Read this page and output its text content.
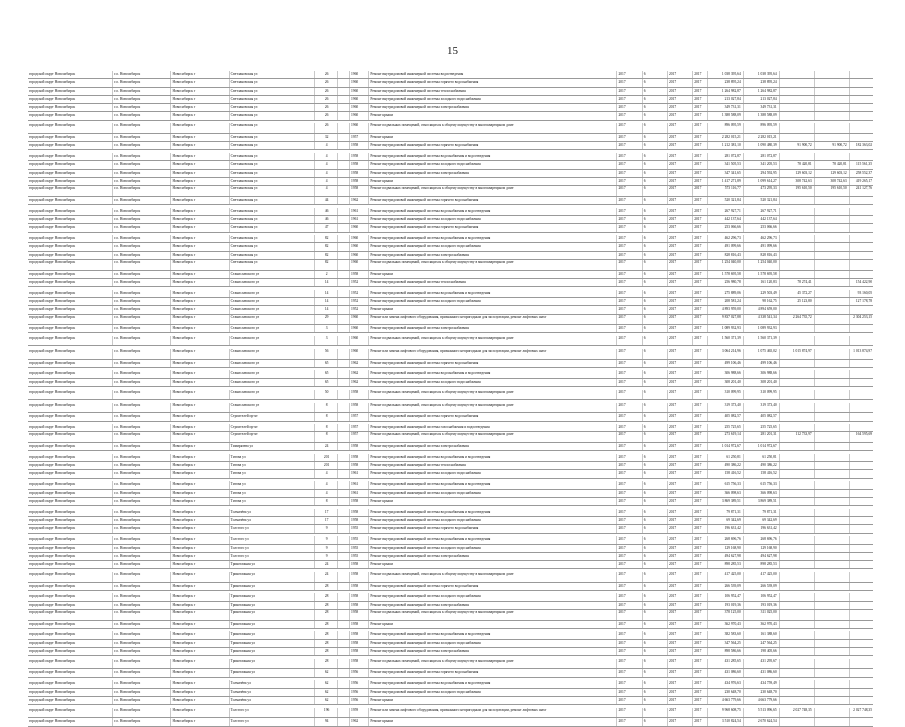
15
городской округ Новосибирск	г.о. Новосибирск	Новосибирск г	Светлановская ул	26	1960	Ремонт внутридомовой инженерной системы водоотведения	2017	6	2017	2017	1 038 395,64	1 038 395,64
городской округ Новосибирск	г.о. Новосибирск	Новосибирск г	Светлановская ул	26	1960	Ремонт внутридомовой инженерной системы горячего водоснабжения	2017	6	2017	2017	238 895,24	238 895,24
городской округ Новосибирск	г.о. Новосибирск	Новосибирск г	Светлановская ул	26	1960	Ремонт внутридомовой инженерной системы теплоснабжения	2017	6	2017	2017	1 264 982,87	1 264 982,87
городской округ Новосибирск	г.о. Новосибирск	Новосибирск г	Светлановская ул	26	1960	Ремонт внутридомовой инженерной системы холодного водоснабжения	2017	6	2017	2017	213 027,84	213 027,84
городской округ Новосибирск	г.о. Новосибирск	Новосибирск г	Светлановская ул	26	1960	Ремонт внутридомовой инженерной системы электроснабжения	2017	6	2017	2017	349 731,31	349 731,31
городской округ Новосибирск	г.о. Новосибирск	Новосибирск г	Светлановская ул	26	1960	Ремонт крыши	2017	6	2017	2017	1 388 588,09	1 388 588,09
городской округ Новосибирск	г.о. Новосибирск	Новосибирск г	Светлановская ул	26	1960	Ремонт подвальных помещений, относящихся к общему имуществу в многоквартирном доме	2017	6	2017	2017	896 095,59	896 095,59
городской округ Новосибирск	г.о. Новосибирск	Новосибирск г	Светлановская ул	32	1957	Ремонт крыши	2017	6	2017	2017	2 282 015,21	2 282 015,21
городской округ Новосибирск	г.о. Новосибирск	Новосибирск г	Светлановская ул	4	1958	Ремонт внутридомовой инженерной системы горячего водоснабжения	2017	6	2017	2017	1 212 381,10	1 090 480,39	91 900,72	91 900,72	182 363,02
городской округ Новосибирск	г.о. Новосибирск	Новосибирск г	Светлановская ул	4	1958	Ремонт внутридомовой инженерной системы водоснабжения и водоотведения	2017	6	2017	2017	281 072,87	281 072,87
городской округ Новосибирск	г.о. Новосибирск	Новосибирск г	Светлановская ул	4	1958	Ремонт внутридомовой инженерной системы холодного водоснабжения	2017	6	2017	2017	341 505,53	341 205,53	78 420,81	78 420,81	115 561,35
городской округ Новосибирск	г.о. Новосибирск	Новосибирск г	Светлановская ул	4	1958	Ремонт внутридомовой инженерной системы электроснабжения	2017	6	2017	2017	347 341,65	294 592,95	129 603,12	129 603,12	258 552,37
городской округ Новосибирск	г.о. Новосибирск	Новосибирск г	Светлановская ул	4	1958	Ремонт крыши	2017	6	2017	2017	1 417 271,89	1 099 614,27	308 742,63	308 742,63	419 265,17
городской округ Новосибирск	г.о. Новосибирск	Новосибирск г	Светлановская ул	4	1958	Ремонт подвальных помещений, относящихся к общему имуществу в многоквартирном доме	2017	6	2017	2017	573 116,77	473 295,33	195 610,50	195 610,50	241 127,76
городской округ Новосибирск	г.о. Новосибирск	Новосибирск г	Светлановская ул	44	1962	Ремонт внутридомовой инженерной системы горячего водоснабжения	2017	6	2017	2017	520 321,84	520 321,84
городской округ Новосибирск	г.о. Новосибирск	Новосибирск г	Светлановская ул	46	1961	Ремонт внутридомовой инженерной системы водоснабжения и водоотведения	2017	6	2017	2017	267 927,71	267 927,71
городской округ Новосибирск	г.о. Новосибирск	Новосибирск г	Светлановская ул	46	1961	Ремонт внутридомовой инженерной системы холодного водоснабжения	2017	6	2017	2017	442 137,64	442 137,64
городской округ Новосибирск	г.о. Новосибирск	Новосибирск г	Светлановская ул	47	1960	Ремонт внутридомовой инженерной системы горячего водоснабжения	2017	6	2017	2017	253 066,66	253 066,66
городской округ Новосибирск	г.о. Новосибирск	Новосибирск г	Светлановская ул	82	1960	Ремонт внутридомовой инженерной системы водоснабжения и водоотведения	2017	6	2017	2017	462 296,73	462 296,73
городской округ Новосибирск	г.о. Новосибирск	Новосибирск г	Светлановская ул	82	1960	Ремонт внутридомовой инженерной системы холодного водоснабжения	2017	6	2017	2017	491 099,66	491 099,66
городской округ Новосибирск	г.о. Новосибирск	Новосибирск г	Светлановская ул	82	1960	Ремонт внутридомовой инженерной системы электроснабжения	2017	6	2017	2017	828 816,43	828 816,43
городской округ Новосибирск	г.о. Новосибирск	Новосибирск г	Светлановская ул	82	1960	Ремонт подвальных помещений, относящихся к общему имуществу в многоквартирном доме	2017	6	2017	2017	1 254 040,00	1 254 040,00
городской округ Новосибирск	г.о. Новосибирск	Новосибирск г	Станиславского ул	2	1958	Ремонт крыши	2017	6	2017	2017	1 578 695,58	1 578 695,58
городской округ Новосибирск	г.о. Новосибирск	Новосибирск г	Станиславского ул	14	1952	Ремонт внутридомовой инженерной системы теплоснабжения	2017	6	2017	2017	256 980,78	161 120,83	78 274,41	154 422,90
городской округ Новосибирск	г.о. Новосибирск	Новосибирск г	Станиславского ул	14	1952	Ремонт внутридомовой инженерной системы водоснабжения и водоотведения	2017	6	2017	2017	275 889,06	229 503,49	45 372,27	93 160,05
городской округ Новосибирск	г.о. Новосибирск	Новосибирск г	Станиславского ул	14	1952	Ремонт внутридомовой инженерной системы холодного водоснабжения	2017	6	2017	2017	208 581,24	98 162,75	25 123,80	127 178,78
городской округ Новосибирск	г.о. Новосибирск	Новосибирск г	Станиславского ул	14	1952	Ремонт крыши	2017	6	2017	2017	4 893 959,00	4 894 659,00
городской округ Новосибирск	г.о. Новосибирск	Новосибирск г	Станиславского ул	29	1960	Ремонт или замена лифтового оборудования, признанного непригодным для эксплуатации, ремонт лифтовых шахт	2017	6	2017	2017	9 837 027,88	4 338 541,34	2 264 735,72	2 304 253,15
городской округ Новосибирск	г.о. Новосибирск	Новосибирск г	Станиславского ул	3	1960	Ремонт внутридомовой инженерной системы электроснабжения	2017	6	2017	2017	1 089 932,93	1 089 932,93
городской округ Новосибирск	г.о. Новосибирск	Новосибирск г	Станиславского ул	3	1960	Ремонт подвальных помещений, относящихся к общему имуществу в многоквартирном доме	2017	6	2017	2017	1 560 371,39	1 560 371,39
городской округ Новосибирск	г.о. Новосибирск	Новосибирск г	Станиславского ул	56	1960	Ремонт или замена лифтового оборудования, признанного непригодным для эксплуатации, ремонт лифтовых шахт	2017	6	2017	2017	3 064 214,96	1 075 465,02	1 015 874,97	1 013 874,97
городской округ Новосибирск	г.о. Новосибирск	Новосибирск г	Станиславского ул	65	1962	Ремонт внутридомовой инженерной системы горячего водоснабжения	2017	6	2017	2017	499 106,46	499 106,46
городской округ Новосибирск	г.о. Новосибирск	Новосибирск г	Станиславского ул	65	1962	Ремонт внутридомовой инженерной системы водоснабжения и водоотведения	2017	6	2017	2017	306 988,66	306 988,66
городской округ Новосибирск	г.о. Новосибирск	Новосибирск г	Станиславского ул	65	1962	Ремонт внутридомовой инженерной системы холодного водоснабжения	2017	6	2017	2017	308 201,40	308 201,40
городской округ Новосибирск	г.о. Новосибирск	Новосибирск г	Станиславского ул	50	1958	Ремонт подвальных помещений, относящихся к общему имуществу в многоквартирном доме	2017	6	2017	2017	310 099,95	310 099,95
городской округ Новосибирск	г.о. Новосибирск	Новосибирск г	Станиславского ул	8	1958	Ремонт подвальных помещений, относящихся к общему имуществу в многоквартирном доме	2017	6	2017	2017	319 373,40	319 373,40
городской округ Новосибирск	г.о. Новосибирск	Новосибирск г	Строителей пр-кт	8	1957	Ремонт внутридомовой инженерной системы горячего водоснабжения	2017	6	2017	2017	405 082,57	405 082,57
городской округ Новосибирск	г.о. Новосибирск	Новосибирск г	Строителей пр-кт	8	1957	Ремонт внутридомовой инженерной системы газоснабжения и водоотведения	2017	6	2017	2017	255 725,65	255 725,65
городской округ Новосибирск	г.о. Новосибирск	Новосибирск г	Строителей пр-кт	8	1957	Ремонт подвальных помещений, относящихся к общему имуществу в многоквартирном доме	2017	6	2017	2017	273 619,14	281 201,31	112 733,97	164 595,69
городской округ Новосибирск	г.о. Новосибирск	Новосибирск г	Тимирязева ул	24	1958	Ремонт внутридомовой инженерной системы электроснабжения	2017	6	2017	2017	1 014 972,67	1 014 972,67
городской округ Новосибирск	г.о. Новосибирск	Новосибирск г	Титова ул	201	1958	Ремонт внутридомовой инженерной системы водоснабжения и водоотведения	2017	6	2017	2017	61 250,81	61 250,81
городской округ Новосибирск	г.о. Новосибирск	Новосибирск г	Титова ул	201	1958	Ремонт внутридомовой инженерной системы теплоснабжения	2017	6	2017	2017	490 386,22	490 386,22
городской округ Новосибирск	г.о. Новосибирск	Новосибирск г	Титова ул	4	1961	Ремонт внутридомовой инженерной системы холодного водоснабжения	2017	6	2017	2017	158 416,52	158 416,52
городской округ Новосибирск	г.о. Новосибирск	Новосибирск г	Титова ул	4	1961	Ремонт внутридомовой инженерной системы водоснабжения и водоотведения	2017	6	2017	2017	615 756,33	615 756,33
городской округ Новосибирск	г.о. Новосибирск	Новосибирск г	Титова ул	4	1961	Ремонт внутридомовой инженерной системы холодного водоснабжения	2017	6	2017	2017	366 098,63	366 098,63
городской округ Новосибирск	г.о. Новосибирск	Новосибирск г	Титова ул	8	1958	Ремонт крыши	2017	6	2017	2017	3 869 389,51	3 869 389,51
городской округ Новосибирск	г.о. Новосибирск	Новосибирск г	Толмачёва ул	17	1958	Ремонт внутридомовой инженерной системы водоснабжения и водоотведения	2017	6	2017	2017	79 871,31	79 871,31
городской округ Новосибирск	г.о. Новосибирск	Новосибирск г	Толмачёва ул	17	1958	Ремонт внутридомовой инженерной системы холодного водоснабжения	2017	6	2017	2017	69 342,69	69 342,69
городской округ Новосибирск	г.о. Новосибирск	Новосибирск г	Толстого ул	9	1955	Ремонт внутридомовой инженерной системы горячего водоснабжения	2017	6	2017	2017	196 631,42	196 631,42
городской округ Новосибирск	г.о. Новосибирск	Новосибирск г	Толстого ул	9	1955	Ремонт внутридомовой инженерной системы водоснабжения и водоотведения	2017	6	2017	2017	268 696,76	268 696,76
городской округ Новосибирск	г.о. Новосибирск	Новосибирск г	Толстого ул	9	1955	Ремонт внутридомовой инженерной системы холодного водоснабжения	2017	6	2017	2017	129 168,90	129 168,90
городской округ Новосибирск	г.о. Новосибирск	Новосибирск г	Толстого ул	9	1955	Ремонт внутридомовой инженерной системы электроснабжения	2017	6	2017	2017	494 627,98	494 627,98
городской округ Новосибирск	г.о. Новосибирск	Новосибирск г	Трикотажная ул	24	1958	Ремонт крыши	2017	6	2017	2017	898 285,53	898 285,53
городской округ Новосибирск	г.о. Новосибирск	Новосибирск г	Трикотажная ул	24	1958	Ремонт подвальных помещений, относящихся к общему имуществу в многоквартирном доме	2017	6	2017	2017	417 425,00	417 425,00
городской округ Новосибирск	г.о. Новосибирск	Новосибирск г	Трикотажная ул	28	1958	Ремонт внутридомовой инженерной системы горячего водоснабжения	2017	6	2017	2017	266 539,09	266 539,09
городской округ Новосибирск	г.о. Новосибирск	Новосибирск г	Трикотажная ул	28	1958	Ремонт внутридомовой инженерной системы холодного водоснабжения	2017	6	2017	2017	106 952,47	106 952,47
городской округ Новосибирск	г.о. Новосибирск	Новосибирск г	Трикотажная ул	28	1958	Ремонт внутридомовой инженерной системы электроснабжения	2017	6	2017	2017	193 019,36	193 019,36
городской округ Новосибирск	г.о. Новосибирск	Новосибирск г	Трикотажная ул	28	1958	Ремонт подвальных помещений, относящихся к общему имуществу в многоквартирном доме	2017	6	2017	2017	378 125,00	311 025,00
городской округ Новосибирск	г.о. Новосибирск	Новосибирск г	Трикотажная ул	28	1958	Ремонт крыши	2017	6	2017	2017	362 970,43	362 970,43
городской округ Новосибирск	г.о. Новосибирск	Новосибирск г	Трикотажная ул	28	1958	Ремонт внутридомовой инженерной системы водоснабжения и водоотведения	2017	6	2017	2017	382 583,60	161 388,60
городской округ Новосибирск	г.о. Новосибирск	Новосибирск г	Трикотажная ул	28	1958	Ремонт внутридомовой инженерной системы холодного водоснабжения	2017	6	2017	2017	347 564,25	247 564,25
городской округ Новосибирск	г.о. Новосибирск	Новосибирск г	Трикотажная ул	28	1958	Ремонт внутридомовой инженерной системы электроснабжения	2017	6	2017	2017	898 586,66	198 405,66
городской округ Новосибирск	г.о. Новосибирск	Новосибирск г	Трикотажная ул	28	1958	Ремонт подвальных помещений, относящихся к общему имуществу в многоквартирном доме	2017	6	2017	2017	431 285,65	431 295,67
городской округ Новосибирск	г.о. Новосибирск	Новосибирск г	Трикотажная ул	62	1956	Ремонт внутридомовой инженерной системы горячего водоснабжения	2017	6	2017	2017	431 086,60	431 086,60
городской округ Новосибирск	г.о. Новосибирск	Новосибирск г	Толмачёва ул	62	1956	Ремонт внутридомовой инженерной системы водоснабжения и водоотведения	2017	6	2017	2017	434 976,63	434 759,49
городской округ Новосибирск	г.о. Новосибирск	Новосибирск г	Толмачёва ул	62	1956	Ремонт внутридомовой инженерной системы холодного водоснабжения	2017	6	2017	2017	230 648,70	230 648,70
городской округ Новосибирск	г.о. Новосибирск	Новосибирск г	Толмачёва ул	62	1956	Ремонт крыши	2017	6	2017	2017	4 663 779,66	4 663 779,66
городской округ Новосибирск	г.о. Новосибирск	Новосибирск г	Толстого ул	196	1959	Ремонт или замена лифтового оборудования, признанного непригодным для эксплуатации, ремонт лифтовых шахт	2017	6	2017	2017	9 968 608,75	5 513 096,65	2 027 748,35	2 027 748,35
городской округ Новосибирск	г.о. Новосибирск	Новосибирск г	Толстого ул	94	1962	Ремонт крыши	2017	6	2017	2017	3 510 824,54	2 670 624,54
